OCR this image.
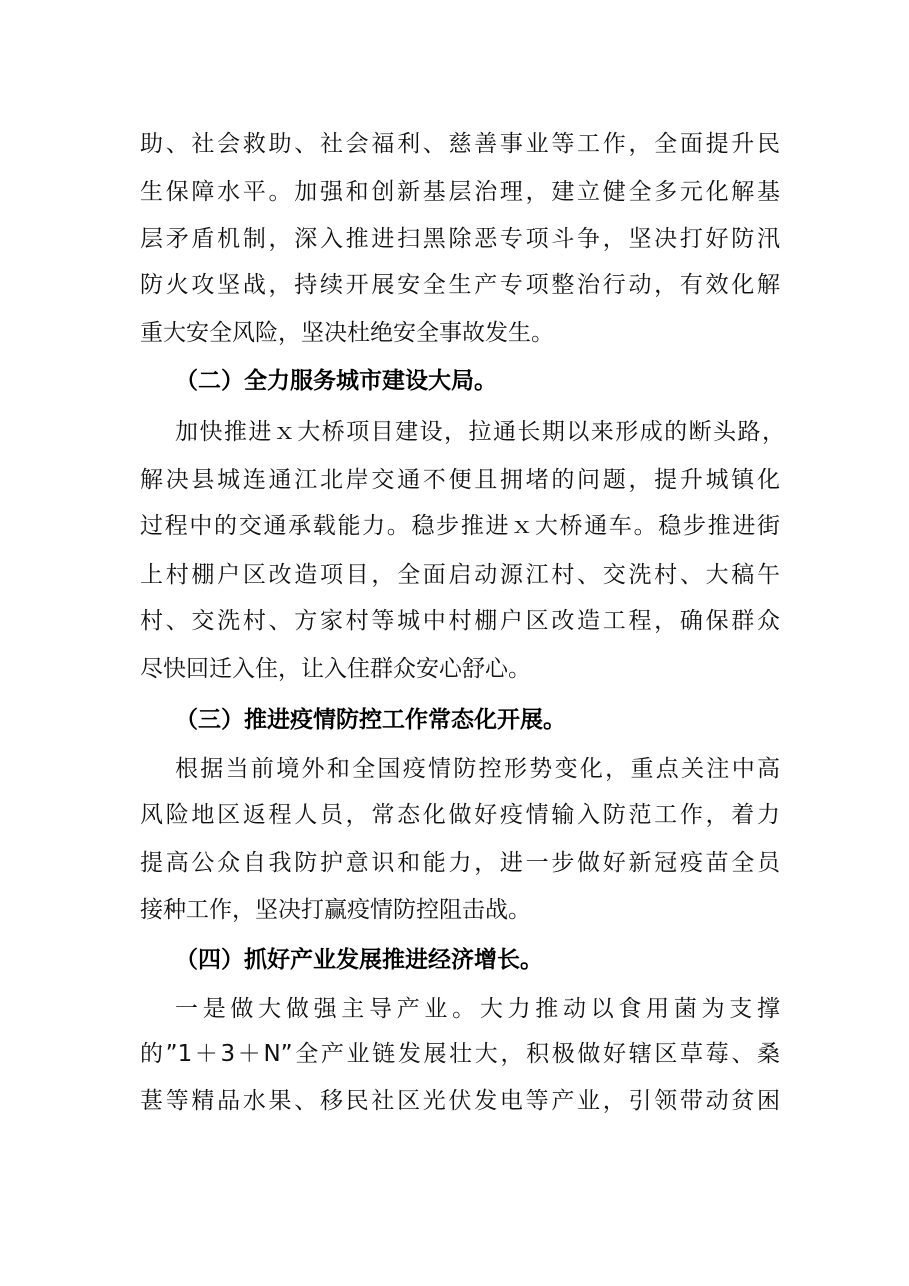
助、社会救助、社会福利、慈善事业等工作，全面提升民
生保障水平。加强和创新基层治理，建立健全多元化解基
层矛盾机制，深入推进扫黑除恶专项斗争，坚决打好防汛
防火攻坚战，持续开展安全生产专项整治行动，有效化解
重大安全风险，坚决杜绝安全事故发生。
（二）全力服务城市建设大局。
加快推进ｘ大桥项目建设，拉通长期以来形成的断头路，
解决县城连通江北岸交通不便且拥堵的问题，提升城镇化
过程中的交通承载能力。稳步推进ｘ大桥通车。稳步推进街
上村棚户区改造项目，全面启动源江村、交洗村、大稿午
村、交洗村、方家村等城中村棚户区改造工程，确保群众
尽快回迁入住，让入住群众安心舒心。
（三）推进疫情防控工作常态化开展。
根据当前境外和全国疫情防控形势变化，重点关注中高
风险地区返程人员，常态化做好疫情输入防范工作，着力
提高公众自我防护意识和能力，进一步做好新冠疫苗全员
接种工作，坚决打赢疫情防控阻击战。
（四）抓好产业发展推进经济增长。
一是做大做强主导产业。大力推动以食用菌为支撑
的”1＋3＋N”全产业链发展壮大，积极做好辖区草莓、桑
葚等精品水果、移民社区光伏发电等产业，引领带动贫困
